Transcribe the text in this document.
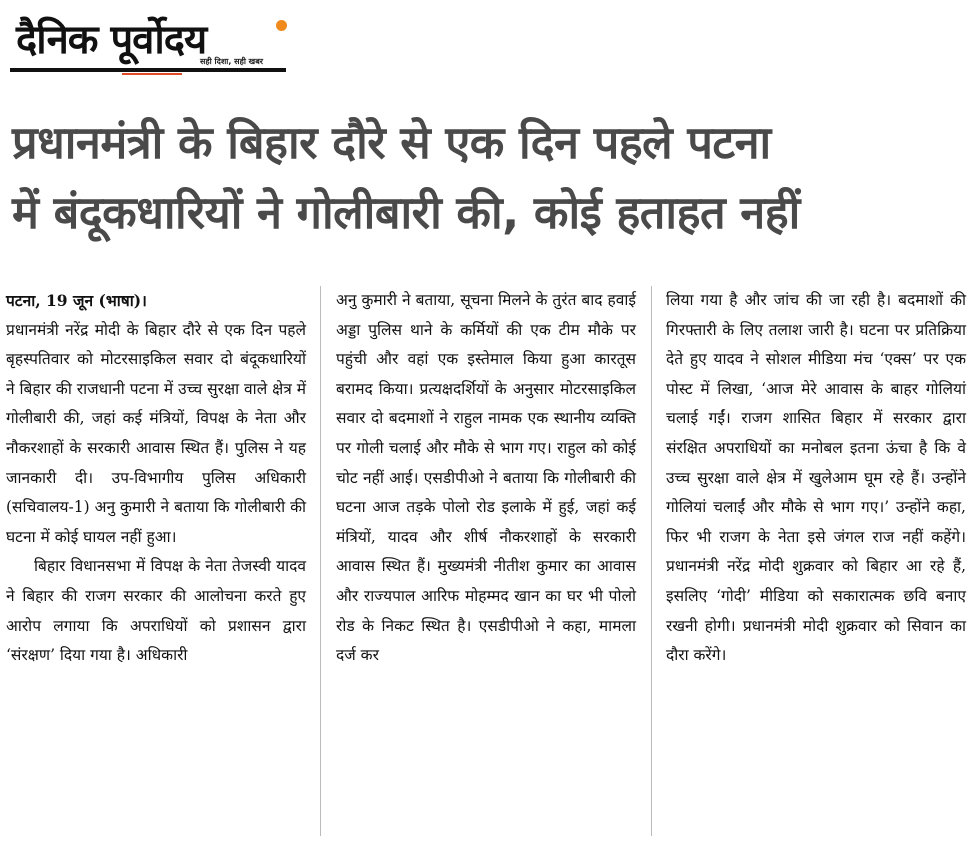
दैनिक पूर्वोदय
सही दिशा, सही खबर
प्रधानमंत्री के बिहार दौरे से एक दिन पहले पटना
में बंदूकधारियों ने गोलीबारी की, कोई हताहत नहीं

पटना, 19 जून (भाषा)।

प्रधानमंत्री नरेंद्र मोदी के बिहार दौरे से एक दिन पहले बृहस्पतिवार को मोटरसाइकिल सवार दो बंदूकधारियों ने बिहार की राजधानी पटना में उच्च सुरक्षा वाले क्षेत्र में गोलीबारी की, जहां कई मंत्रियों, विपक्ष के नेता और नौकरशाहों के सरकारी आवास स्थित हैं। पुलिस ने यह जानकारी दी। उप-विभागीय पुलिस अधिकारी (सचिवालय-1) अनु कुमारी ने बताया कि गोलीबारी की घटना में कोई घायल नहीं हुआ।

बिहार विधानसभा में विपक्ष के नेता तेजस्वी यादव ने बिहार की राजग सरकार की आलोचना करते हुए आरोप लगाया कि अपराधियों को प्रशासन द्वारा ‘संरक्षण’ दिया गया है। अधिकारी

अनु कुमारी ने बताया, सूचना मिलने के तुरंत बाद हवाई अड्डा पुलिस थाने के कर्मियों की एक टीम मौके पर पहुंची और वहां एक इस्तेमाल किया हुआ कारतूस बरामद किया। प्रत्यक्षदर्शियों के अनुसार मोटरसाइकिल सवार दो बदमाशों ने राहुल नामक एक स्थानीय व्यक्ति पर गोली चलाई और मौके से भाग गए। राहुल को कोई चोट नहीं आई। एसडीपीओ ने बताया कि गोलीबारी की घटना आज तड़के पोलो रोड इलाके में हुई, जहां कई मंत्रियों, यादव और शीर्ष नौकरशाहों के सरकारी आवास स्थित हैं। मुख्यमंत्री नीतीश कुमार का आवास और राज्यपाल आरिफ मोहम्मद खान का घर भी पोलो रोड के निकट स्थित है। एसडीपीओ ने कहा, मामला दर्ज कर

लिया गया है और जांच की जा रही है। बदमाशों की गिरफ्तारी के लिए तलाश जारी है। घटना पर प्रतिक्रिया देते हुए यादव ने सोशल मीडिया मंच ‘एक्स’ पर एक पोस्ट में लिखा, ‘आज मेरे आवास के बाहर गोलियां चलाई गईं। राजग शासित बिहार में सरकार द्वारा संरक्षित अपराधियों का मनोबल इतना ऊंचा है कि वे उच्च सुरक्षा वाले क्षेत्र में खुलेआम घूम रहे हैं। उन्होंने गोलियां चलाईं और मौके से भाग गए।’ उन्होंने कहा, फिर भी राजग के नेता इसे जंगल राज नहीं कहेंगे। प्रधानमंत्री नरेंद्र मोदी शुक्रवार को बिहार आ रहे हैं, इसलिए ‘गोदी’ मीडिया को सकारात्मक छवि बनाए रखनी होगी। प्रधानमंत्री मोदी शुक्रवार को सिवान का दौरा करेंगे।
